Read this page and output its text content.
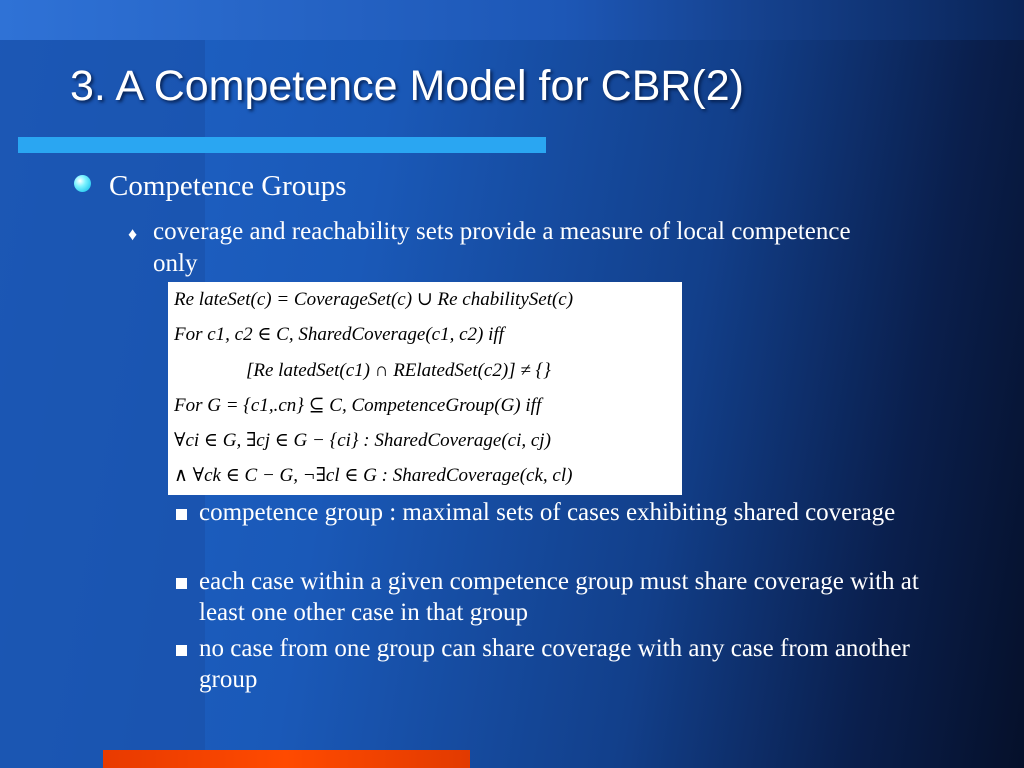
3. A Competence Model for CBR(2)
Competence Groups
♦ coverage and reachability sets provide a measure of local competence only
Re lateSet(c) = CoverageSet(c) ∪ Re chabilitySet(c)
For c1, c2 ∈ C, SharedCoverage(c1, c2) iff
[Re latedSet(c1) ∩ RElatedSet(c2)] ≠ {}
For G = {c1,.cn} ⊆ C, CompetenceGroup(G) iff
∀ci ∈ G, ∃cj ∈ G − {ci} : SharedCoverage(ci, cj)
∧ ∀ck ∈ C − G, ¬∃cl ∈ G : SharedCoverage(ck, cl)
competence group : maximal sets of cases exhibiting shared coverage
each case within a given competence group must share coverage with at least one other case in that group
no case from one group can share coverage with any case from another group
